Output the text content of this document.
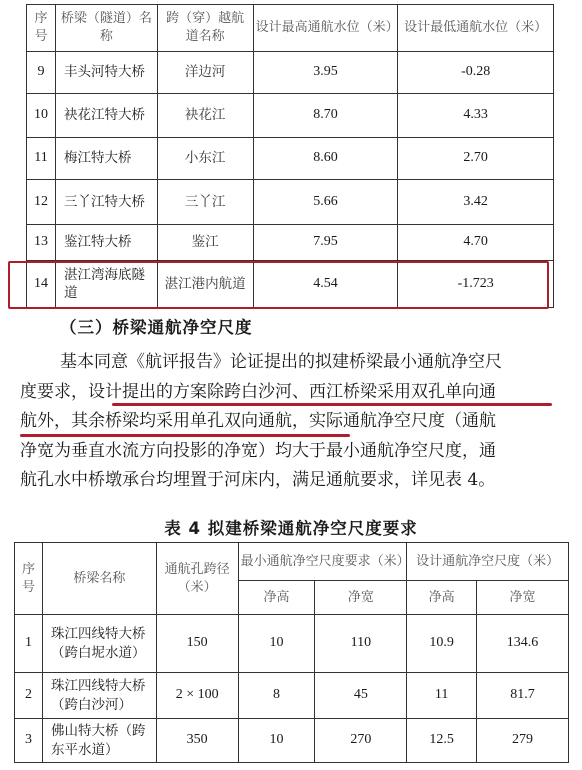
序号	桥梁（隧道）名称	跨（穿）越航道名称	设计最高通航水位（米）	设计最低通航水位（米）
9	丰头河特大桥	洋边河	3.95	-0.28
10	袂花江特大桥	袂花江	8.70	4.33
11	梅江特大桥	小东江	8.60	2.70
12	三丫江特大桥	三丫江	5.66	3.42
13	鉴江特大桥	鉴江	7.95	4.70
14	湛江湾海底隧道	湛江港内航道	4.54	-1.723
（三）桥梁通航净空尺度
基本同意《航评报告》论证提出的拟建桥梁最小通航净空尺
度要求，设计提出的方案除跨白沙河、西江桥梁采用双孔单向通
航外，其余桥梁均采用单孔双向通航，实际通航净空尺度（通航
净宽为垂直水流方向投影的净宽）均大于最小通航净空尺度，通
航孔水中桥墩承台均埋置于河床内，满足通航要求，详见表 4。
表 4 拟建桥梁通航净空尺度要求
序号	桥梁名称	通航孔跨径（米）	最小通航净空尺度要求（米）		设计通航净空尺度（米）	
			净高	净宽	净高	净宽
1	珠江四线特大桥（跨白坭水道）	150	10	110	10.9	134.6
2	珠江四线特大桥（跨白沙河）	2 × 100	8	45	11	81.7
3	佛山特大桥（跨东平水道）	350	10	270	12.5	279
